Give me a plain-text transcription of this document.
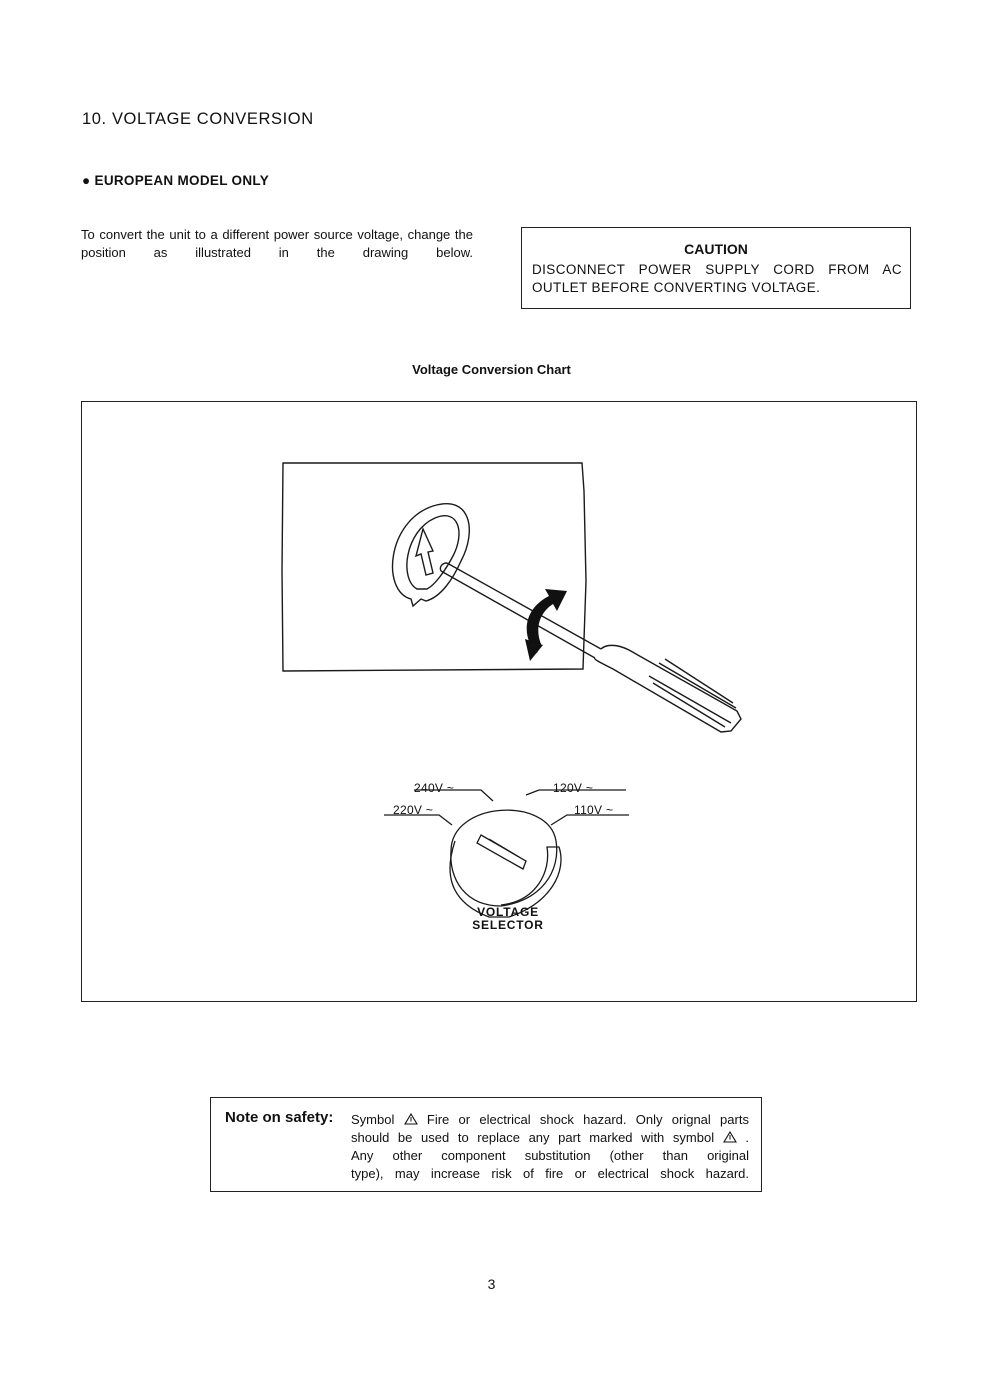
10. VOLTAGE CONVERSION
● EUROPEAN MODEL ONLY
To convert the unit to a different power source voltage, change the position as illustrated in the drawing below.	CAUTION
DISCONNECT POWER SUPPLY CORD FROM AC
OUTLET BEFORE CONVERTING VOLTAGE.
Voltage Conversion Chart
240V ~	120V ~
220V ~	110V ~
VOLTAGE
SELECTOR
Note on safety: Symbol	Fire or electrical shock hazard. Only orignal parts
should be used to replace any part marked with symbol .
Any other component substitution (other than original
type), may increase risk of fire or electrical shock hazard.
3
